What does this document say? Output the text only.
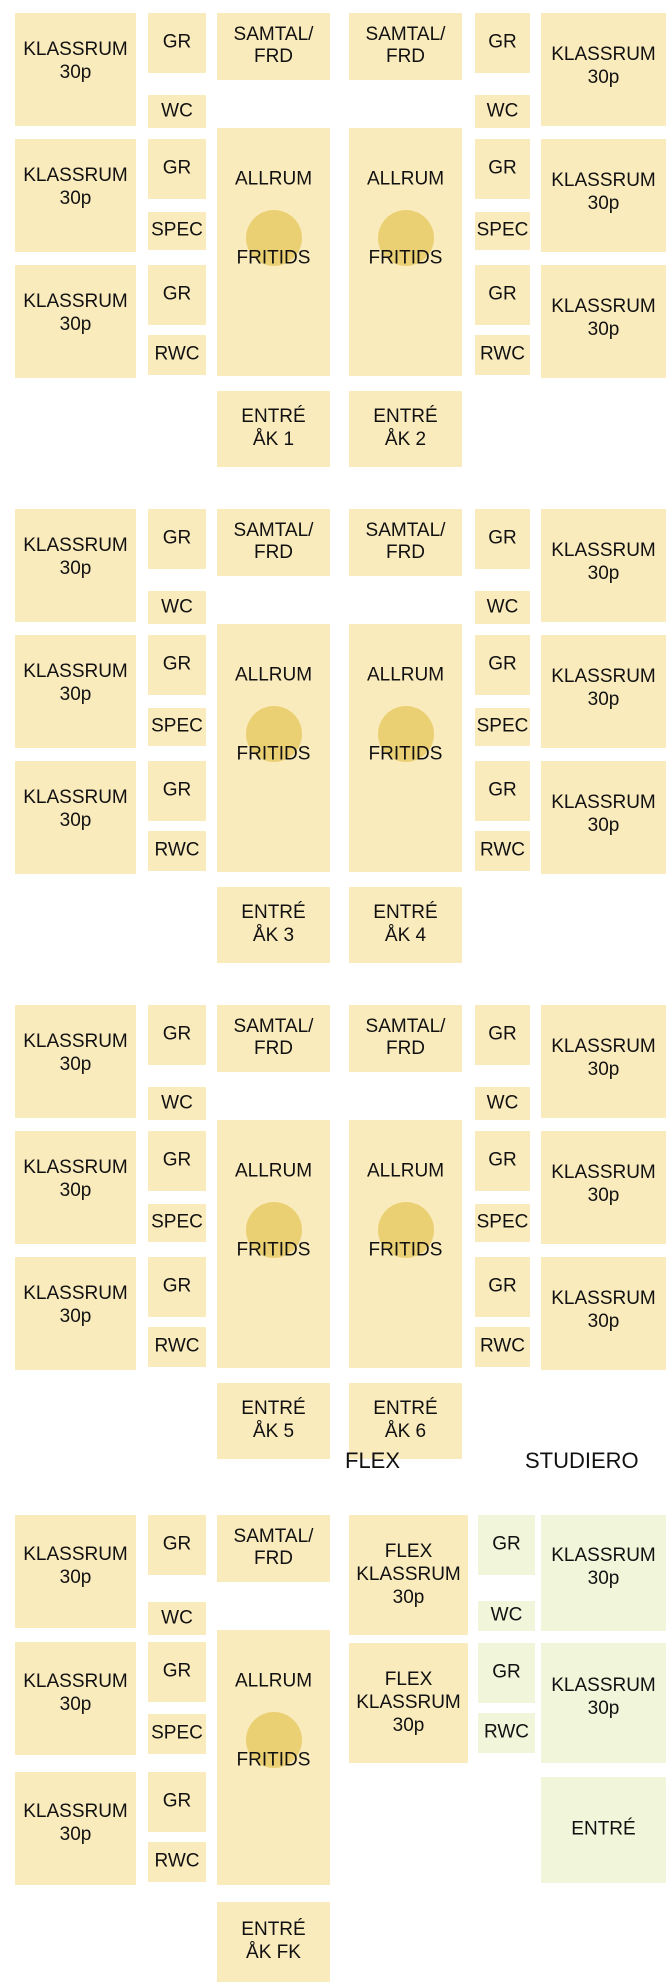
KLASSRUM
30p
KLASSRUM
30p
KLASSRUM
30p
GR
WC
GR
SPEC
GR
RWC
SAMTAL/
FRD
SAMTAL/
FRD
ALLRUM
FRITIDS
ALLRUM
FRITIDS
ENTRÉ
ÅK 1
ENTRÉ
ÅK 2
GR
WC
GR
SPEC
GR
RWC
KLASSRUM
30p
KLASSRUM
30p
KLASSRUM
30p
KLASSRUM
30p
KLASSRUM
30p
KLASSRUM
30p
GR
WC
GR
SPEC
GR
RWC
SAMTAL/
FRD
SAMTAL/
FRD
ALLRUM
FRITIDS
ALLRUM
FRITIDS
ENTRÉ
ÅK 3
ENTRÉ
ÅK 4
GR
WC
GR
SPEC
GR
RWC
KLASSRUM
30p
KLASSRUM
30p
KLASSRUM
30p
KLASSRUM
30p
KLASSRUM
30p
KLASSRUM
30p
GR
WC
GR
SPEC
GR
RWC
SAMTAL/
FRD
SAMTAL/
FRD
ALLRUM
FRITIDS
ALLRUM
FRITIDS
ENTRÉ
ÅK 5
ENTRÉ
ÅK 6
GR
WC
GR
SPEC
GR
RWC
KLASSRUM
30p
KLASSRUM
30p
KLASSRUM
30p
KLASSRUM
30p
KLASSRUM
30p
KLASSRUM
30p
GR
WC
GR
SPEC
GR
RWC
SAMTAL/
FRD
ALLRUM
FRITIDS
ENTRÉ
ÅK FK
FLEX
KLASSRUM
30p
FLEX
KLASSRUM
30p
GR
WC
GR
RWC
KLASSRUM
30p
KLASSRUM
30p
ENTRÉ
FLEX	STUDIERO
